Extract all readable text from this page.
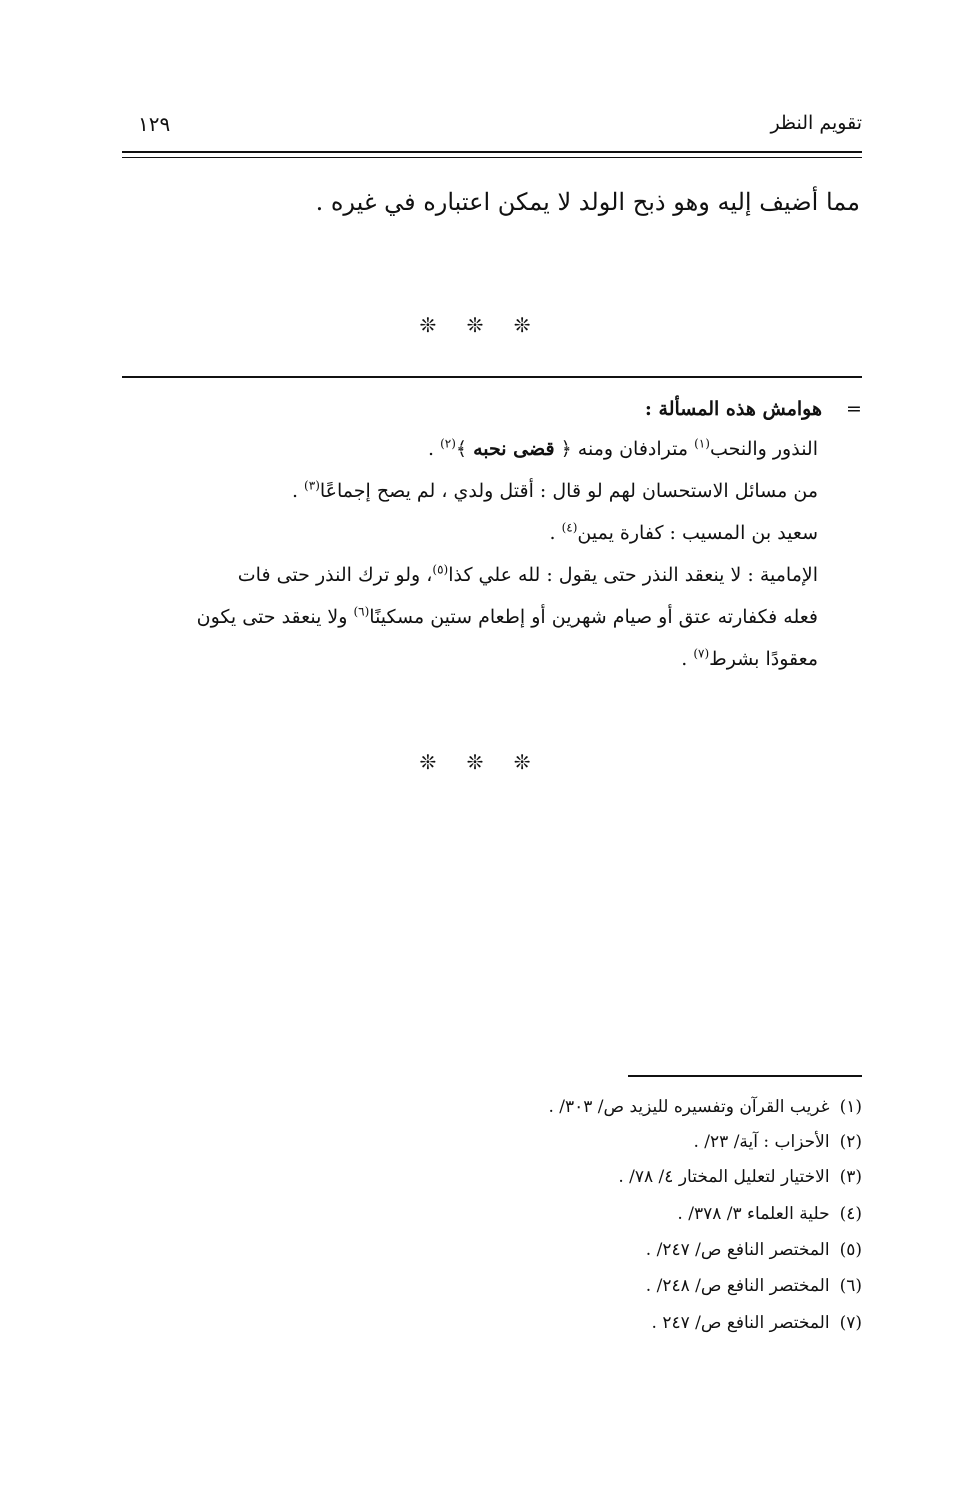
تقويم النظر
١٢٩
مما أضيف إليه وهو ذبح الولد لا يمكن اعتباره في غيره .
❊ ❊ ❊
=
هوامش هذه المسألة :
النذور والنحب$^{(١)}$ مترادفان ومنه ﴿ قضى نحبه ﴾$^{(٢)}$ .
من مسائل الاستحسان لهم لو قال : أقتل ولدي ، لم يصح إجماعًا$^{(٣)}$ .
سعيد بن المسيب : كفارة يمين$^{(٤)}$ .
الإمامية : لا ينعقد النذر حتى يقول : لله علي كذا$^{(٥)}$، ولو ترك النذر حتى فات
فعله فكفارته عتق أو صيام شهرين أو إطعام ستين مسكينًا$^{(٦)}$ ولا ينعقد حتى يكون
معقودًا بشرط$^{(٧)}$ .
❊ ❊ ❊
(١)غريب القرآن وتفسيره لليزيد ص/ ٣٠٣/ .
(٢)الأحزاب : آية/ ٢٣/ .
(٣)الاختيار لتعليل المختار ٤/ ٧٨/ .
(٤)حلية العلماء ٣/ ٣٧٨/ .
(٥)المختصر النافع ص/ ٢٤٧/ .
(٦)المختصر النافع ص/ ٢٤٨/ .
(٧)المختصر النافع ص/ ٢٤٧ .
